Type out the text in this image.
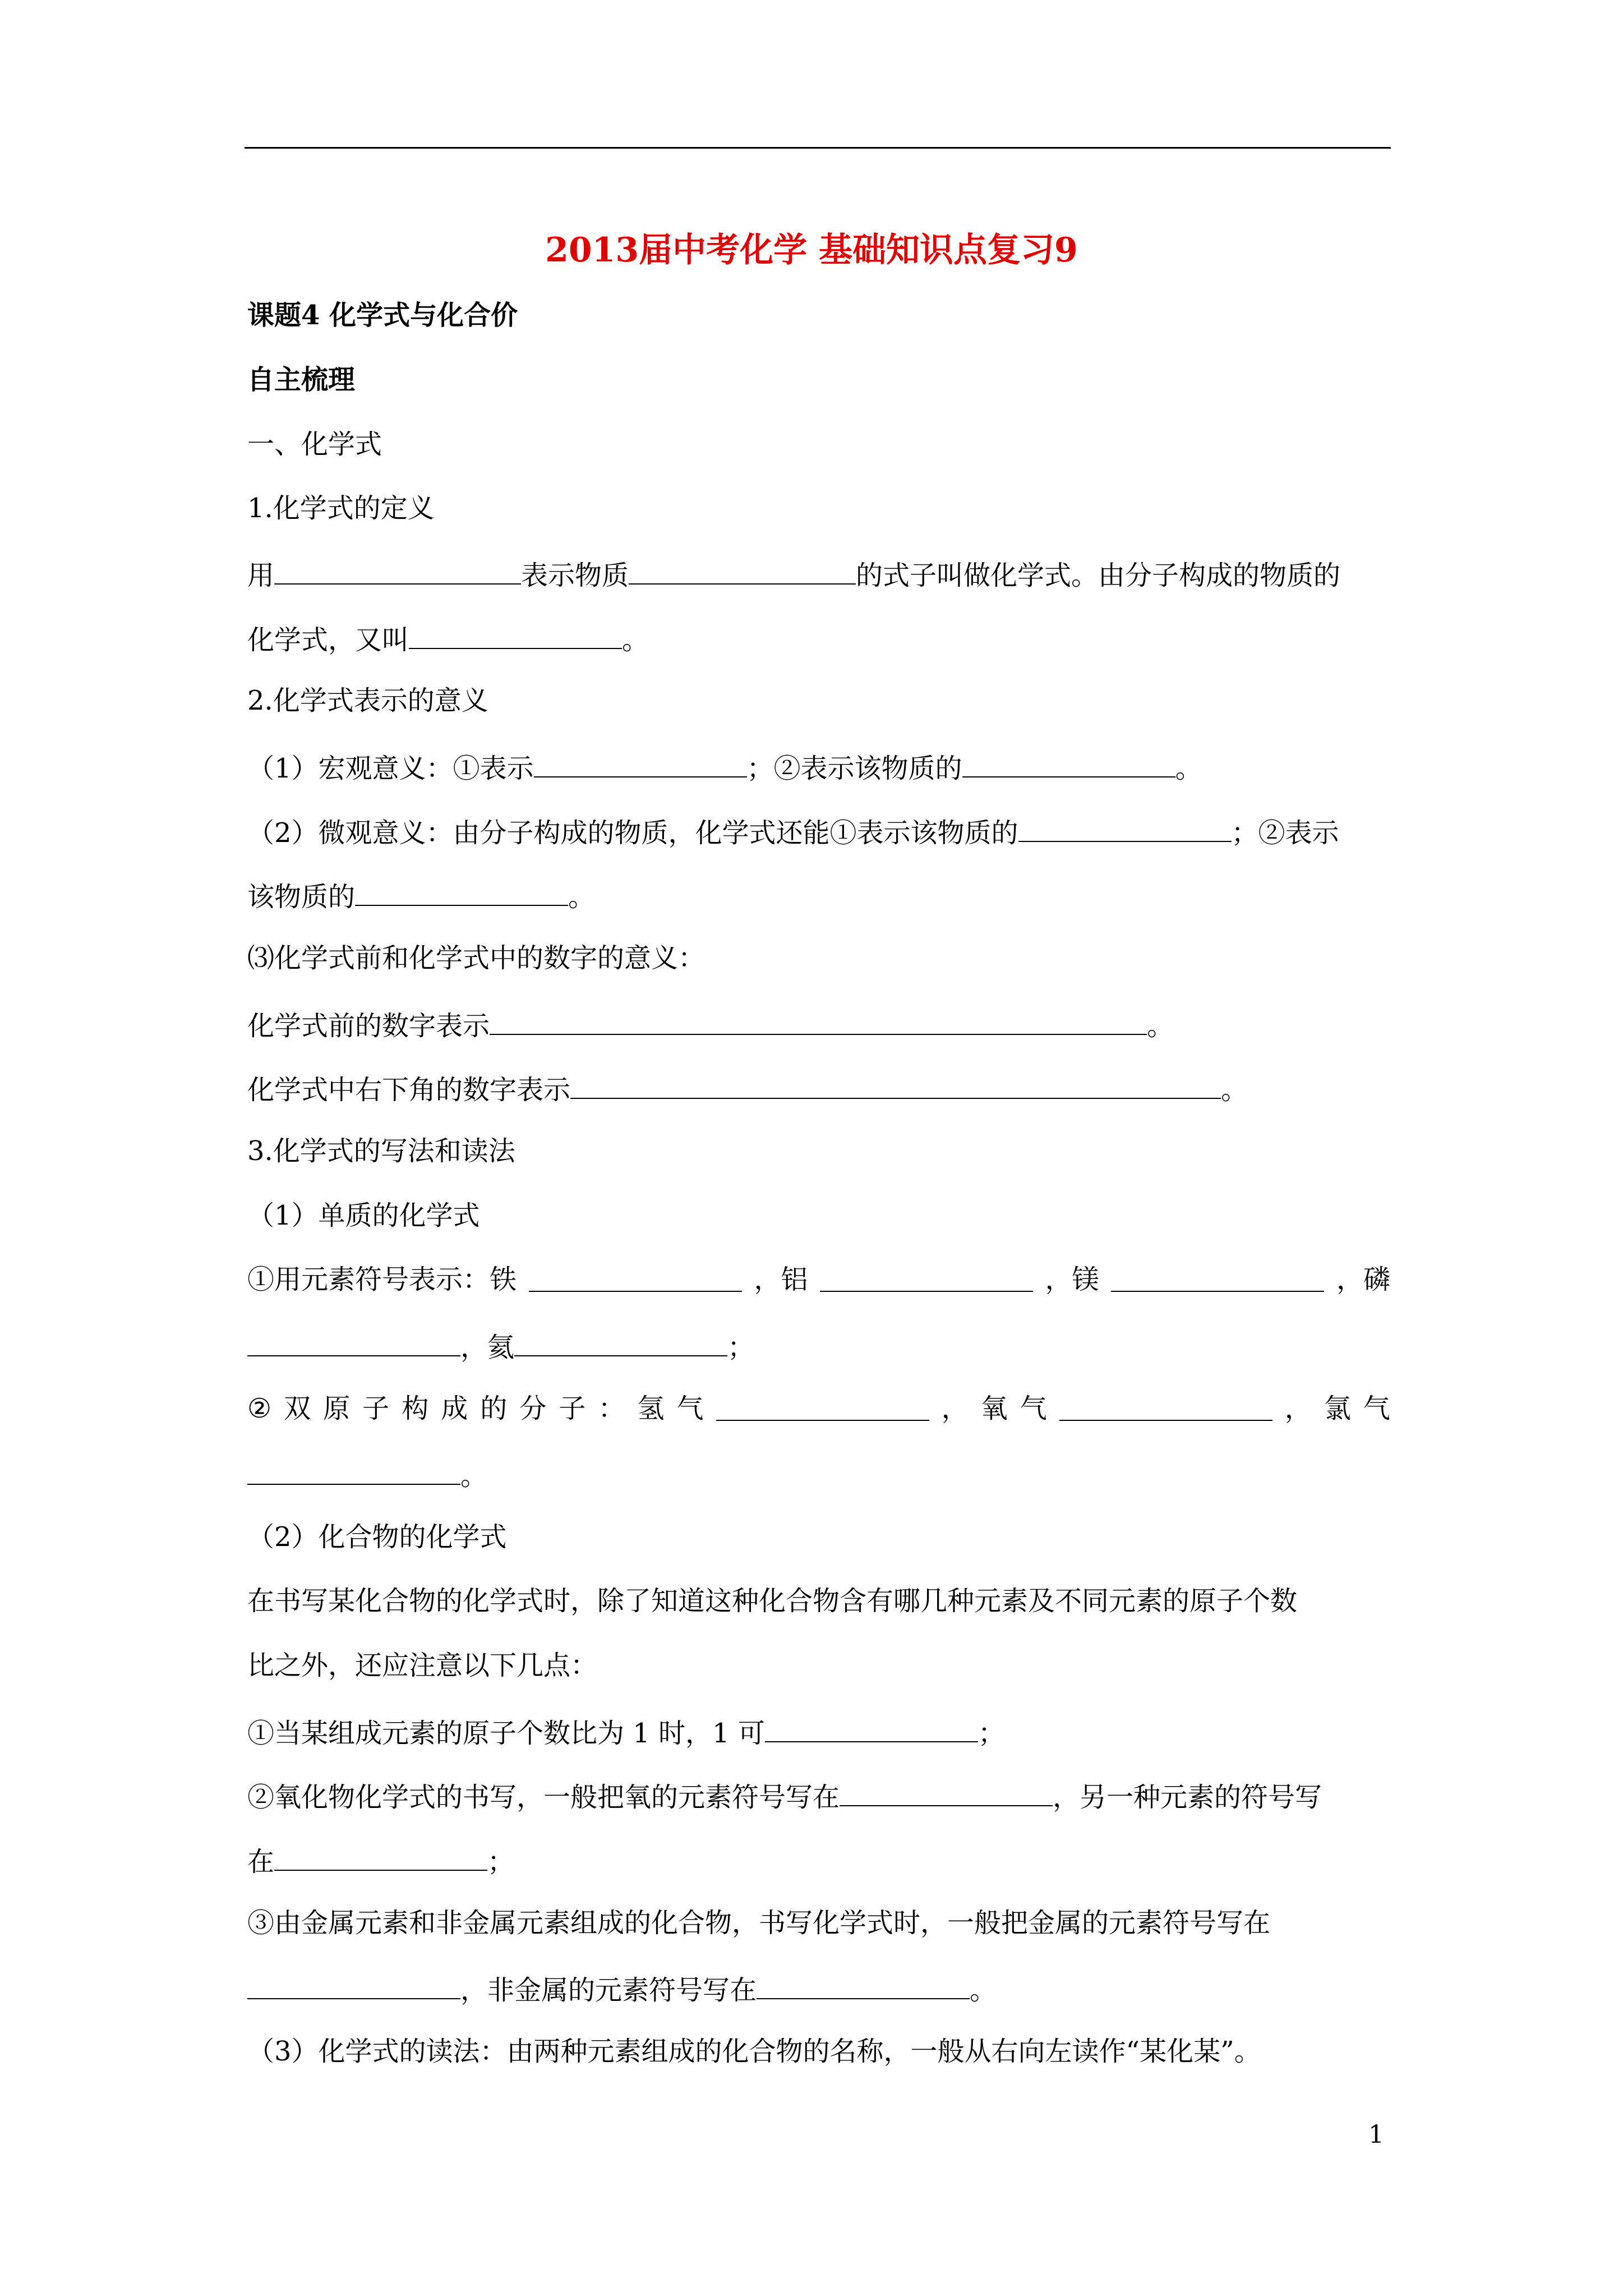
2013届中考化学 基础知识点复习9
课题4 化学式与化合价
自主梳理
一、化学式
1.化学式的定义
用	表示物质	的式子叫做化学式。由分子构成的物质的
化学式，又叫	。
2.化学式表示的意义
（1）宏观意义：①表示	；②表示该物质的	。
（2）微观意义：由分子构成的物质，化学式还能①表示该物质的	；②表示
该物质的	。
⑶化学式前和化学式中的数字的意义：
化学式前的数字表示	。
化学式中右下角的数字表示	。
3.化学式的写法和读法
（1）单质的化学式
①用元素符号表示：铁	，铝	，镁	，磷
，氦	；
② 双 原 子 构 成 的 分 子 ： 氢 气	， 氧 气	， 氯 气
。
（2）化合物的化学式
在书写某化合物的化学式时，除了知道这种化合物含有哪几种元素及不同元素的原子个数
比之外，还应注意以下几点：
①当某组成元素的原子个数比为 1 时，1 可	；
②氧化物化学式的书写，一般把氧的元素符号写在	，另一种元素的符号写
在	；
③由金属元素和非金属元素组成的化合物，书写化学式时，一般把金属的元素符号写在
，非金属的元素符号写在	。
（3）化学式的读法：由两种元素组成的化合物的名称，一般从右向左读作“某化某”。
1
